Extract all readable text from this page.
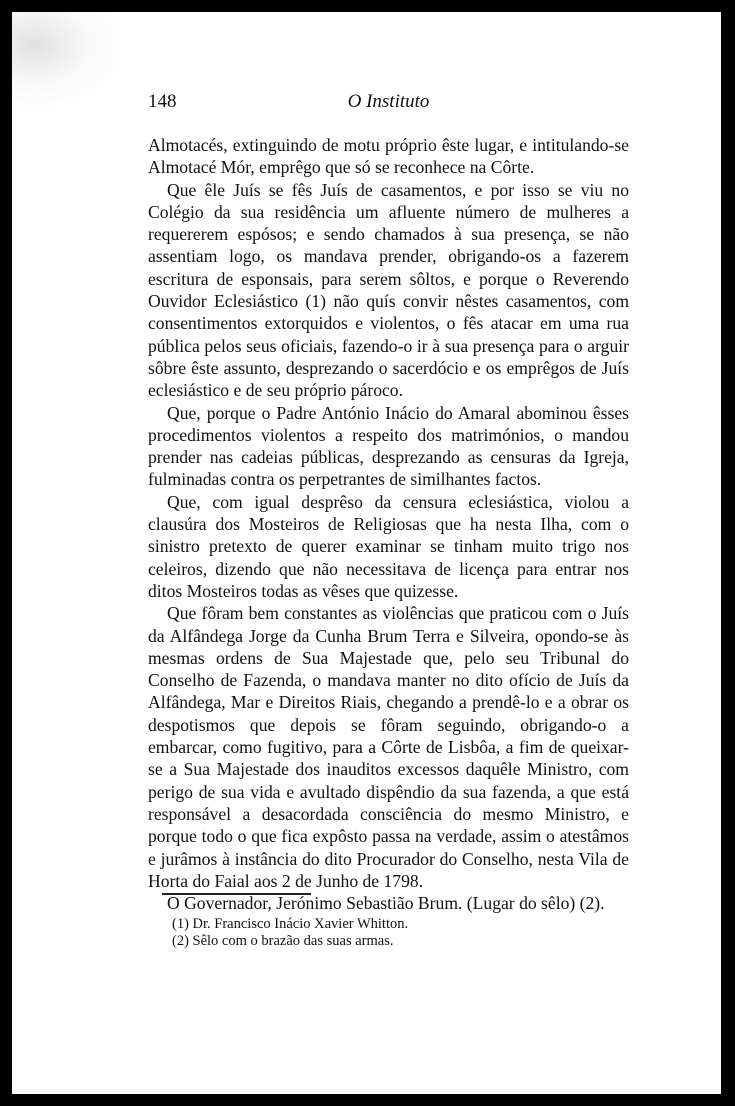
148	O Instituto

Almotacés, extinguindo de motu próprio êste lugar, e intitulando-se Almotacé Mór, emprêgo que só se reconhece na Côrte.

Que êle Juís se fês Juís de casamentos, e por isso se viu no Colégio da sua residência um afluente número de mulheres a requererem espósos; e sendo chamados à sua presença, se não assentiam logo, os mandava prender, obrigando-os a fazerem escritura de esponsais, para serem sôltos, e porque o Reverendo Ouvidor Eclesiástico (1) não quís convir nêstes casamentos, com consentimentos extorquidos e violentos, o fês atacar em uma rua pública pelos seus oficiais, fazendo-o ir à sua presença para o arguir sôbre êste assunto, desprezando o sacerdócio e os emprêgos de Juís eclesiástico e de seu próprio pároco.

Que, porque o Padre António Inácio do Amaral abominou êsses procedimentos violentos a respeito dos matrimónios, o mandou prender nas cadeias públicas, desprezando as censuras da Igreja, fulminadas contra os perpetrantes de similhantes factos.

Que, com igual desprêso da censura eclesiástica, violou a clausúra dos Mosteiros de Religiosas que ha nesta Ilha, com o sinistro pretexto de querer examinar se tinham muito trigo nos celeiros, dizendo que não necessitava de licença para entrar nos ditos Mosteiros todas as vêses que quizesse.

Que fôram bem constantes as violências que praticou com o Juís da Alfândega Jorge da Cunha Brum Terra e Silveira, opondo-se às mesmas ordens de Sua Majestade que, pelo seu Tribunal do Conselho de Fazenda, o mandava manter no dito ofício de Juís da Alfândega, Mar e Direitos Riais, chegando a prendê-lo e a obrar os despotismos que depois se fôram seguindo, obrigando-o a embarcar, como fugitivo, para a Côrte de Lisbôa, a fim de queixar-se a Sua Majestade dos inauditos excessos daquêle Ministro, com perigo de sua vida e avultado dispêndio da sua fazenda, a que está responsável a desacordada consciência do mesmo Ministro, e porque todo o que fica expôsto passa na verdade, assim o atestâmos e jurâmos à instância do dito Procurador do Conselho, nesta Vila de Horta do Faial aos 2 de Junho de 1798.

O Governador, Jerónimo Sebastião Brum. (Lugar do sêlo) (2).

(1) Dr. Francisco Inácio Xavier Whitton.

(2) Sêlo com o brazão das suas armas.
